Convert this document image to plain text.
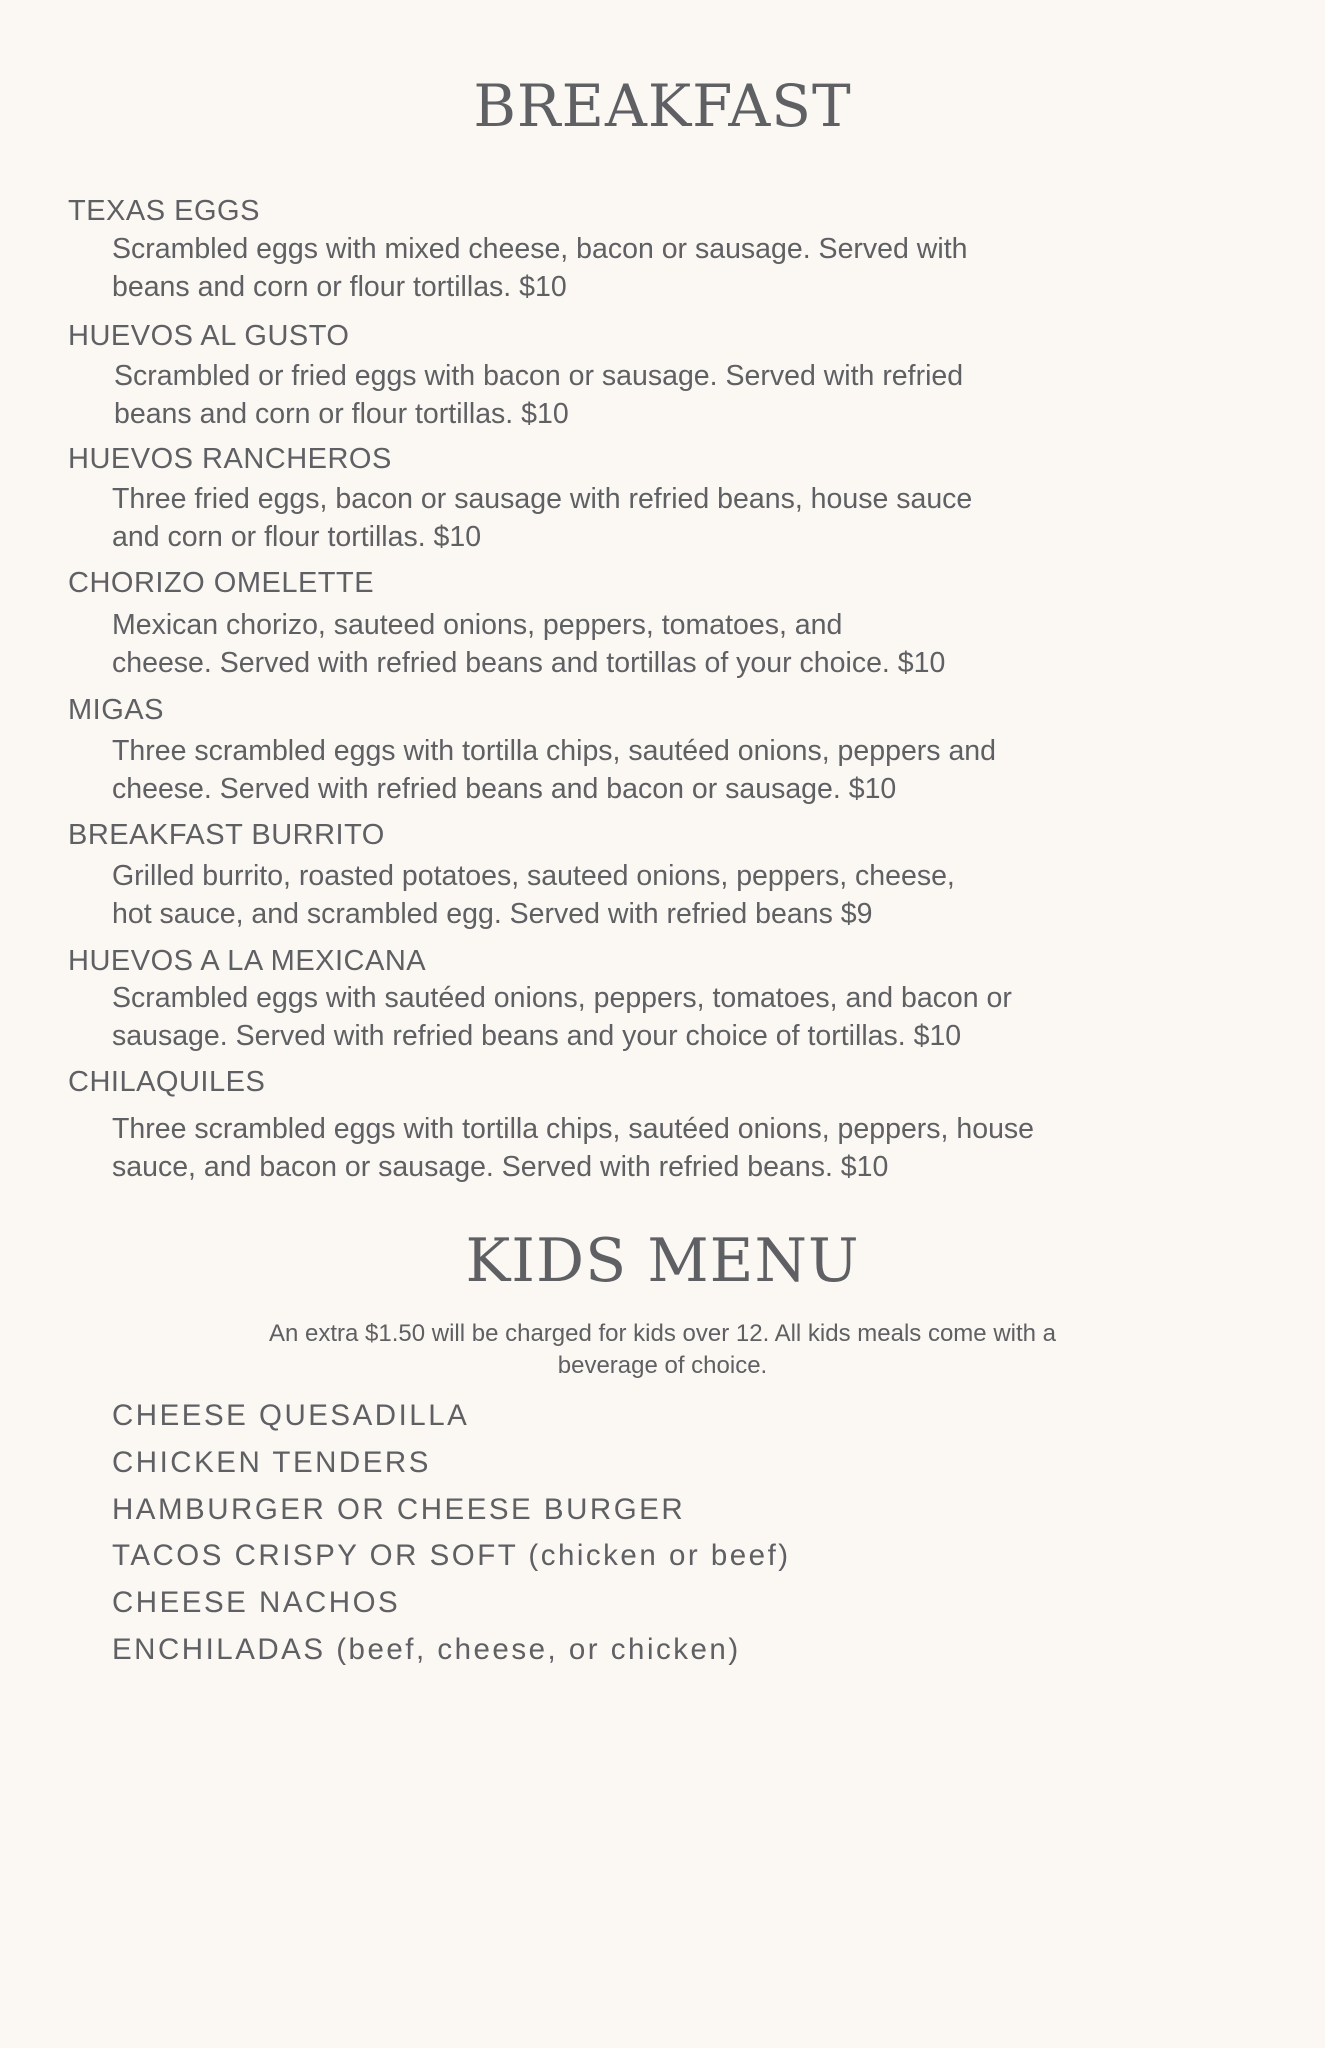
BREAKFAST
TEXAS EGGS
Scrambled eggs with mixed cheese, bacon or sausage. Served with
beans and corn or flour tortillas. $10
HUEVOS AL GUSTO
Scrambled or fried eggs with bacon or sausage. Served with refried
beans and corn or flour tortillas. $10
HUEVOS RANCHEROS
Three fried eggs, bacon or sausage with refried beans, house sauce
and corn or flour tortillas. $10
CHORIZO OMELETTE
Mexican chorizo, sauteed onions, peppers, tomatoes, and
cheese. Served with refried beans and tortillas of your choice. $10
MIGAS
Three scrambled eggs with tortilla chips, sautéed onions, peppers and
cheese. Served with refried beans and bacon or sausage. $10
BREAKFAST BURRITO
Grilled burrito, roasted potatoes, sauteed onions, peppers, cheese,
hot sauce, and scrambled egg. Served with refried beans $9
HUEVOS A LA MEXICANA
Scrambled eggs with sautéed onions, peppers, tomatoes, and bacon or
sausage. Served with refried beans and your choice of tortillas. $10
CHILAQUILES
Three scrambled eggs with tortilla chips, sautéed onions, peppers, house
sauce, and bacon or sausage. Served with refried beans. $10
KIDS MENU
An extra $1.50 will be charged for kids over 12. All kids meals come with a
beverage of choice.
CHEESE QUESADILLA
CHICKEN TENDERS
HAMBURGER OR CHEESE BURGER
TACOS CRISPY OR SOFT (chicken or beef)
CHEESE NACHOS
ENCHILADAS (beef, cheese, or chicken)
